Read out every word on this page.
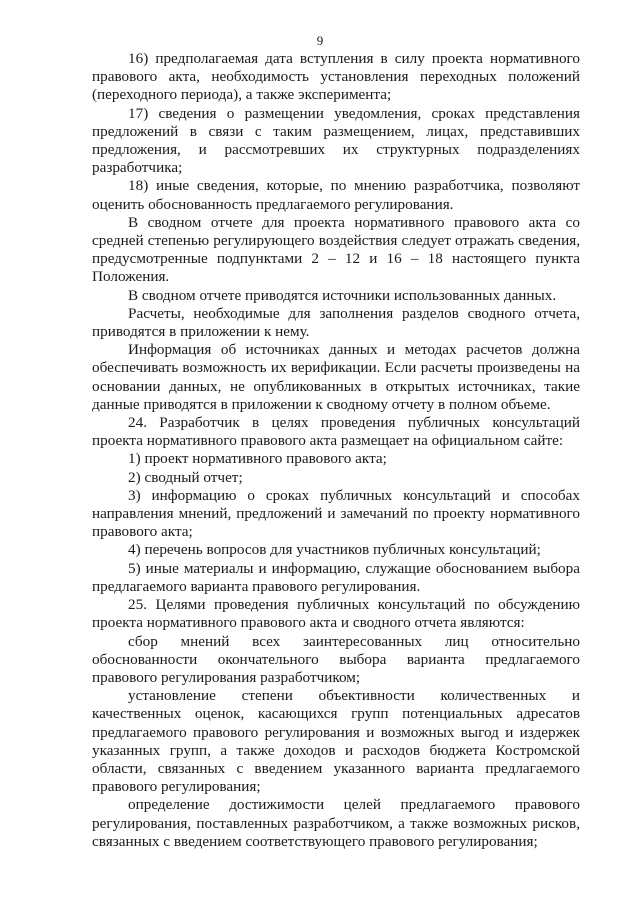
9

16) предполагаемая дата вступления в силу проекта нормативного правового акта, необходимость установления переходных положений (переходного периода), а также эксперимента;

17) сведения о размещении уведомления, сроках представления предложений в связи с таким размещением, лицах, представивших предложения, и рассмотревших их структурных подразделениях разработчика;

18) иные сведения, которые, по мнению разработчика, позволяют оценить обоснованность предлагаемого регулирования.

В сводном отчете для проекта нормативного правового акта со средней степенью регулирующего воздействия следует отражать сведения, предусмотренные подпунктами 2 – 12 и 16 – 18 настоящего пункта Положения.

В сводном отчете приводятся источники использованных данных.

Расчеты, необходимые для заполнения разделов сводного отчета, приводятся в приложении к нему.

Информация об источниках данных и методах расчетов должна обеспечивать возможность их верификации. Если расчеты произведены на основании данных, не опубликованных в открытых источниках, такие данные приводятся в приложении к сводному отчету в полном объеме.

24. Разработчик в целях проведения публичных консультаций проекта нормативного правового акта размещает на официальном сайте:

1) проект нормативного правового акта;

2) сводный отчет;

3) информацию о сроках публичных консультаций и способах направления мнений, предложений и замечаний по проекту нормативного правового акта;

4) перечень вопросов для участников публичных консультаций;

5) иные материалы и информацию, служащие обоснованием выбора предлагаемого варианта правового регулирования.

25. Целями проведения публичных консультаций по обсуждению проекта нормативного правового акта и сводного отчета являются:

сбор мнений всех заинтересованных лиц относительно обоснованности окончательного выбора варианта предлагаемого правового регулирования разработчиком;

установление степени объективности количественных и качественных оценок, касающихся групп потенциальных адресатов предлагаемого правового регулирования и возможных выгод и издержек указанных групп, а также доходов и расходов бюджета Костромской области, связанных с введением указанного варианта предлагаемого правового регулирования;

определение достижимости целей предлагаемого правового регулирования, поставленных разработчиком, а также возможных рисков, связанных с введением соответствующего правового регулирования;
